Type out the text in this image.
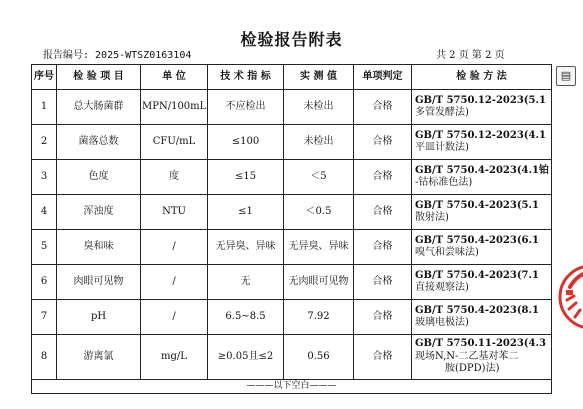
检验报告附表
报告编号: 2025-WTSZ0163104	共 2 页 第 2 页
序号	检 验 项 目	单 位	技 术 指 标	实 测 值	单项判定	检 验 方 法
1	总大肠菌群	MPN/100mL	不应检出	未检出	合格	GB/T 5750.12-2023(5.1
多管发酵法)
2	菌落总数	CFU/mL	≤100	未检出	合格	GB/T 5750.12-2023(4.1
平皿计数法)
3	色度	度	≤15	＜5	合格	GB/T 5750.4-2023(4.1铂
-钴标准色法)
4	浑浊度	NTU	≤1	＜0.5	合格	GB/T 5750.4-2023(5.1
散射法)
5	臭和味	/	无异臭、异味	无异臭、异味	合格	GB/T 5750.4-2023(6.1
嗅气和尝味法)
6	肉眼可见物	/	无	无肉眼可见物	合格	GB/T 5750.4-2023(7.1
直接观察法)
7	pH	/	6.5~8.5	7.92	合格	GB/T 5750.4-2023(8.1
玻璃电极法)
8	游离氯	mg/L	≥0.05且≤2	0.56	合格	GB/T 5750.11-2023(4.3
现场N,N-二乙基对苯二
胺(DPD)法)
———以下空白———						
▤
